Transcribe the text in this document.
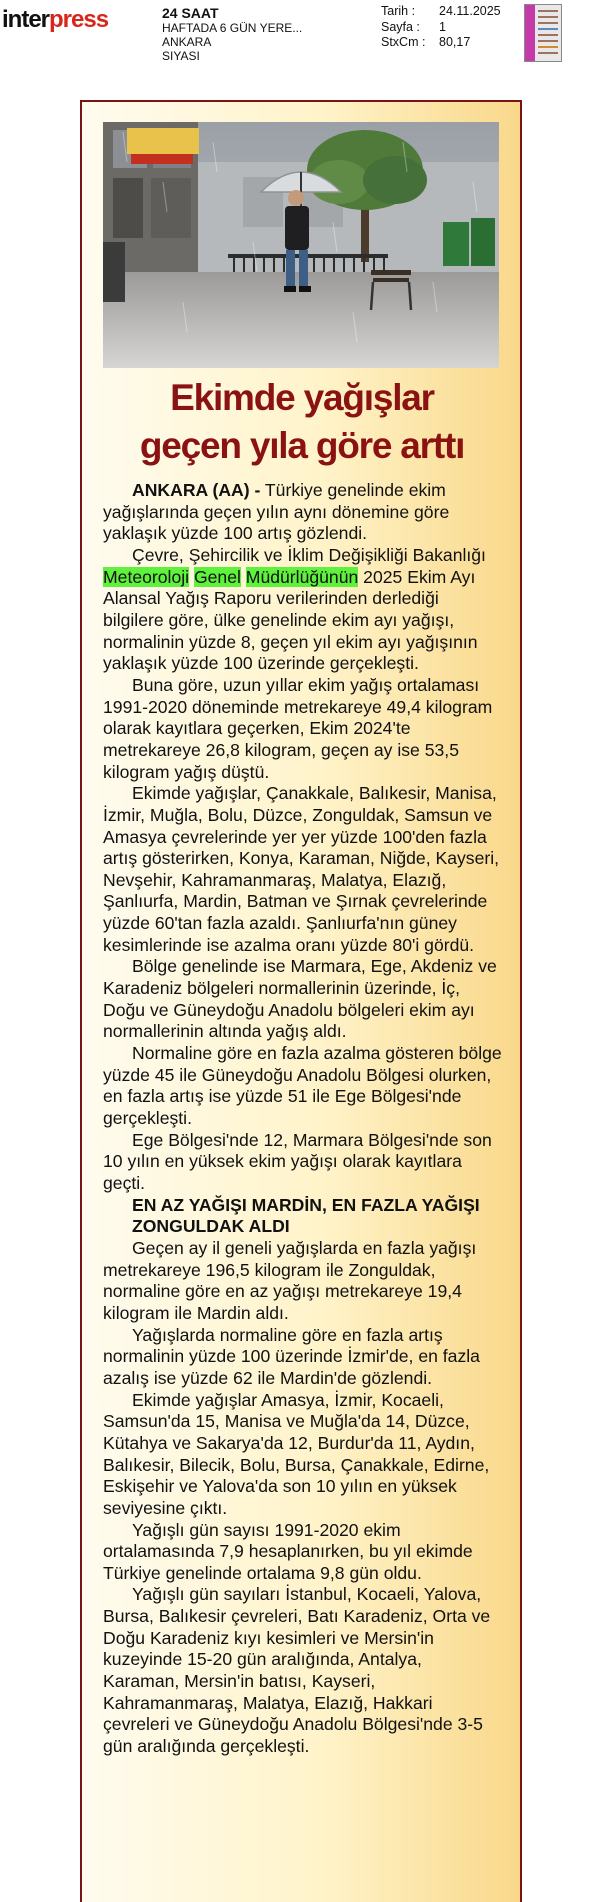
interpress	24 SAAT
HAFTADA 6 GÜN YERE...
ANKARA
SIYASI
Tarih :	24.11.2025
Sayfa :	1
StxCm :	80,17
Ekimde yağışlar
geçen yıla göre arttı

ANKARA (AA) - Türkiye genelinde ekim yağışlarında geçen yılın aynı dönemine göre yaklaşık yüzde 100 artış gözlendi.

Çevre, Şehircilik ve İklim Değişikliği Bakanlığı Meteoroloji Genel Müdürlüğünün 2025 Ekim Ayı Alansal Yağış Raporu verilerinden derlediği bilgilere göre, ülke genelinde ekim ayı yağışı, normalinin yüzde 8, geçen yıl ekim ayı yağışının yaklaşık yüzde 100 üzerinde gerçekleşti.

Buna göre, uzun yıllar ekim yağış ortalaması 1991-2020 döneminde metrekareye 49,4 kilogram olarak kayıtlara geçerken, Ekim 2024'te metrekareye 26,8 kilogram, geçen ay ise 53,5 kilogram yağış düştü.

Ekimde yağışlar, Çanakkale, Balıkesir, Manisa, İzmir, Muğla, Bolu, Düzce, Zonguldak, Samsun ve Amasya çevrelerinde yer yer yüzde 100'den fazla artış gösterirken, Konya, Karaman, Niğde, Kayseri, Nevşehir, Kahramanmaraş, Malatya, Elazığ, Şanlıurfa, Mardin, Batman ve Şırnak çevrelerinde yüzde 60'tan fazla azaldı. Şanlıurfa'nın güney kesimlerinde ise azalma oranı yüzde 80'i gördü.

Bölge genelinde ise Marmara, Ege, Akdeniz ve Karadeniz bölgeleri normallerinin üzerinde, İç, Doğu ve Güneydoğu Anadolu bölgeleri ekim ayı normallerinin altında yağış aldı.

Normaline göre en fazla azalma gösteren bölge yüzde 45 ile Güneydoğu Anadolu Bölgesi olurken, en fazla artış ise yüzde 51 ile Ege Bölgesi'nde gerçekleşti.

Ege Bölgesi'nde 12, Marmara Bölgesi'nde son 10 yılın en yüksek ekim yağışı olarak kayıtlara geçti.

EN AZ YAĞIŞI MARDİN, EN FAZLA YAĞIŞI ZONGULDAK ALDI

Geçen ay il geneli yağışlarda en fazla yağışı metrekareye 196,5 kilogram ile Zonguldak, normaline göre en az yağışı metrekareye 19,4 kilogram ile Mardin aldı.

Yağışlarda normaline göre en fazla artış normalinin yüzde 100 üzerinde İzmir'de, en fazla azalış ise yüzde 62 ile Mardin'de gözlendi.

Ekimde yağışlar Amasya, İzmir, Kocaeli, Samsun'da 15, Manisa ve Muğla'da 14, Düzce, Kütahya ve Sakarya'da 12, Burdur'da 11, Aydın, Balıkesir, Bilecik, Bolu, Bursa, Çanakkale, Edirne, Eskişehir ve Yalova'da son 10 yılın en yüksek seviyesine çıktı.

Yağışlı gün sayısı 1991-2020 ekim ortalamasında 7,9 hesaplanırken, bu yıl ekimde Türkiye genelinde ortalama 9,8 gün oldu.

Yağışlı gün sayıları İstanbul, Kocaeli, Yalova, Bursa, Balıkesir çevreleri, Batı Karadeniz, Orta ve Doğu Karadeniz kıyı kesimleri ve Mersin'in kuzeyinde 15-20 gün aralığında, Antalya, Karaman, Mersin'in batısı, Kayseri, Kahramanmaraş, Malatya, Elazığ, Hakkari çevreleri ve Güneydoğu Anadolu Bölgesi'nde 3-5 gün aralığında gerçekleşti.
